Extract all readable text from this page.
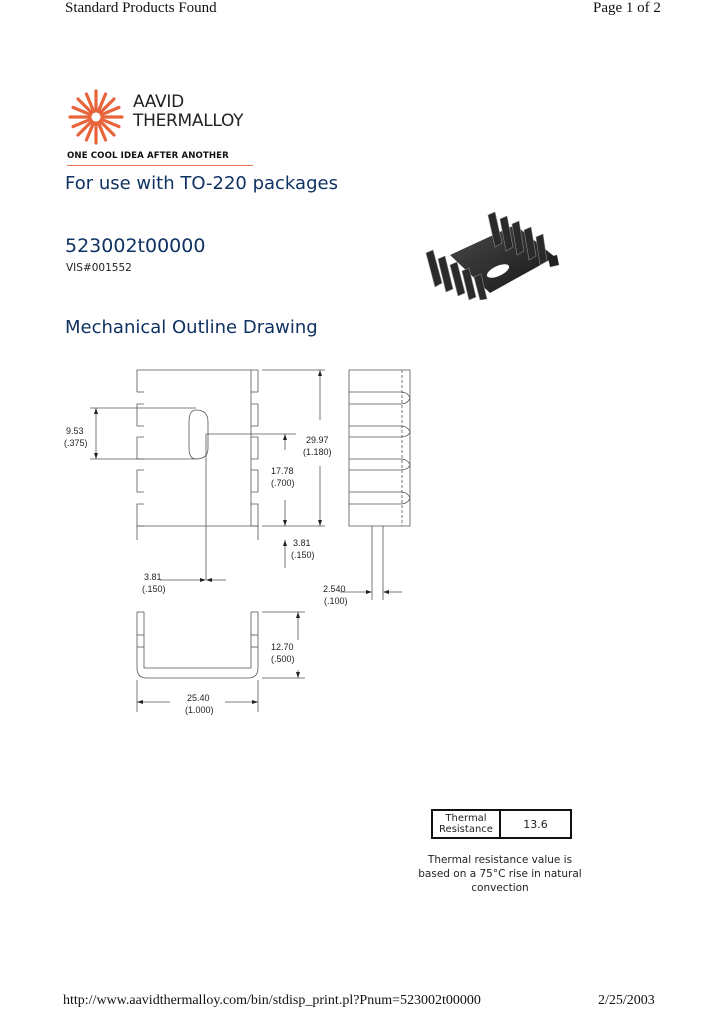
Standard Products Found	Page 1 of 2
AAVID
THERMALLOY
ONE COOL IDEA AFTER ANOTHER
For use with TO-220 packages
523002t00000
VIS#001552
Mechanical Outline Drawing
9.53
(.375)	29.97
(1.180)
17.78
(.700)
3.81
(.150)
3.81
(.150)	2.540
(.100)
12.70
(.500)
25.40
(1.000)
Thermal
Resistance	13.6
Thermal resistance value is based on a 75°C rise in natural convection
http://www.aavidthermalloy.com/bin/stdisp_print.pl?Pnum=523002t00000	2/25/2003
